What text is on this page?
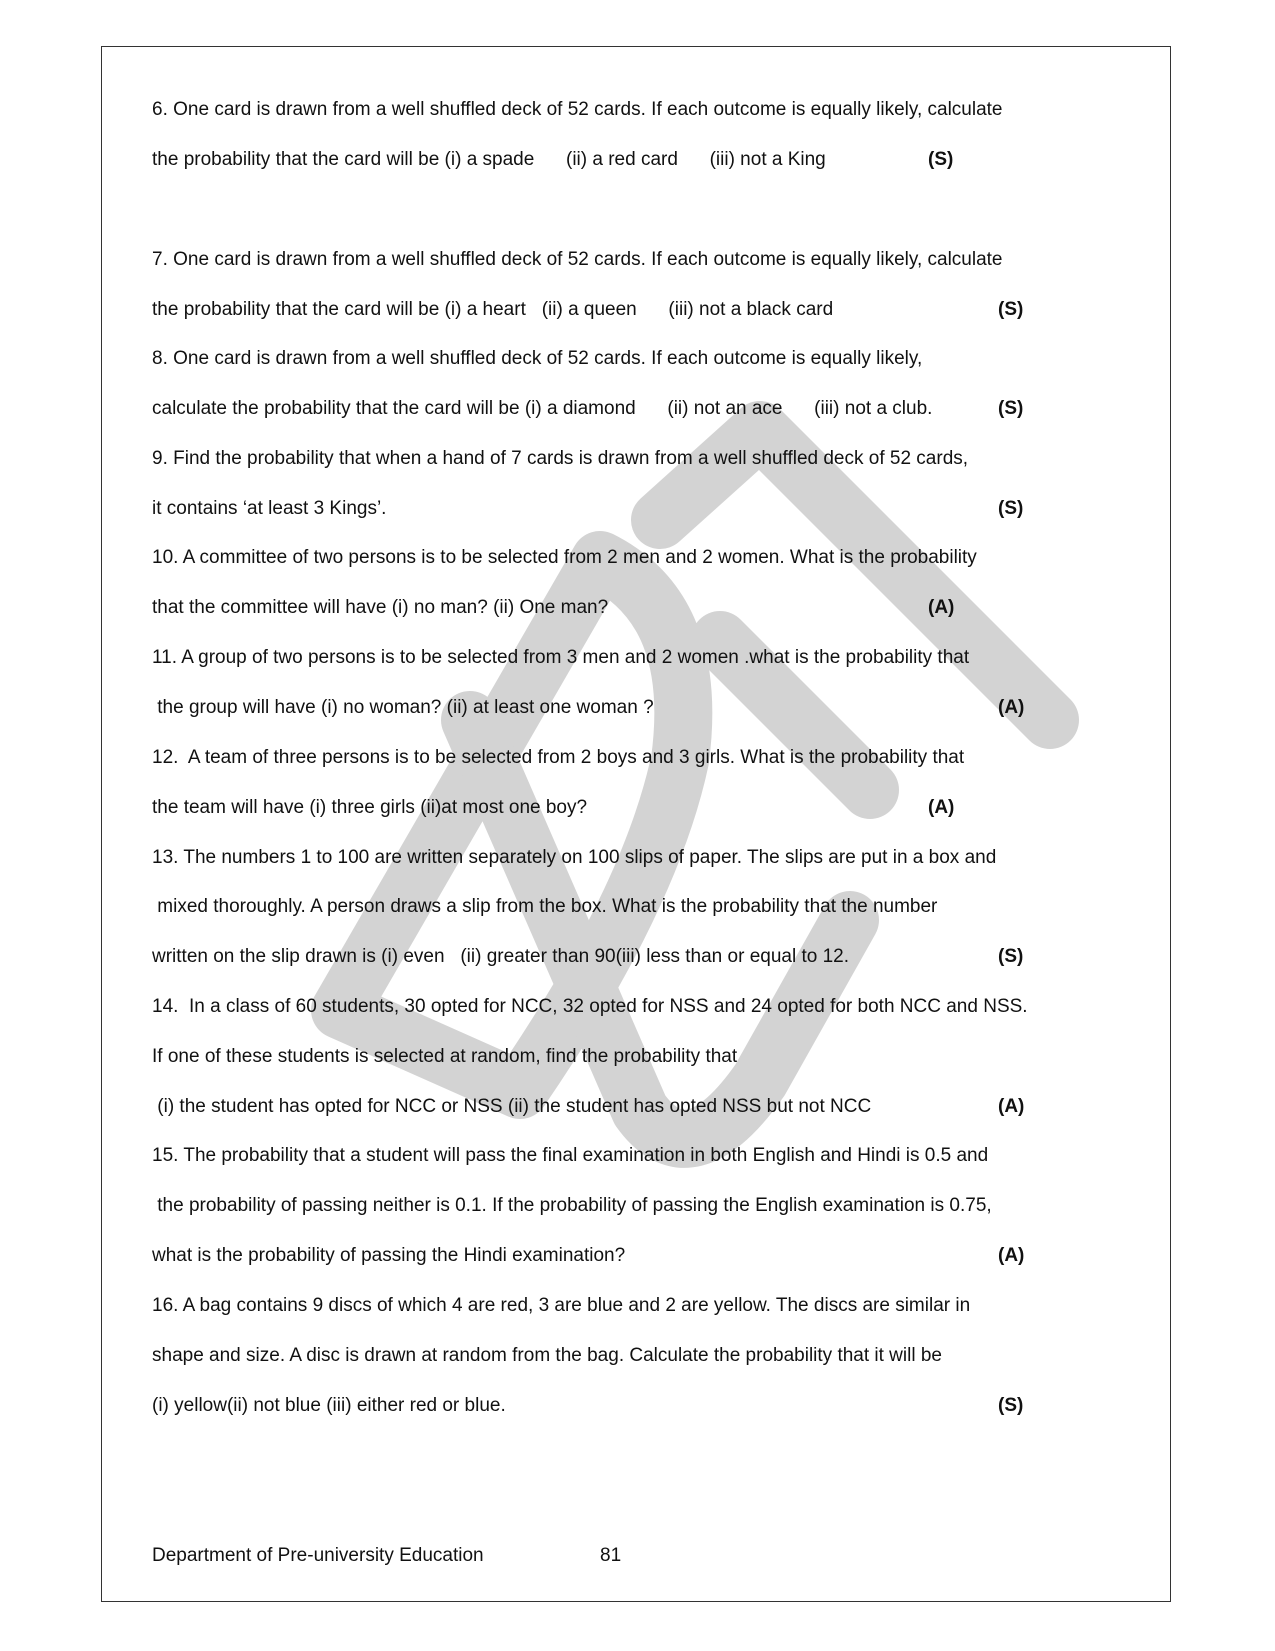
6. One card is drawn from a well shuffled deck of 52 cards. If each outcome is equally likely, calculate
the probability that the card will be (i) a spade      (ii) a red card      (iii) not a King	(S)
7. One card is drawn from a well shuffled deck of 52 cards. If each outcome is equally likely, calculate
the probability that the card will be (i) a heart   (ii) a queen      (iii) not a black card	(S)
8. One card is drawn from a well shuffled deck of 52 cards. If each outcome is equally likely,
calculate the probability that the card will be (i) a diamond      (ii) not an ace      (iii) not a club.	(S)
9. Find the probability that when a hand of 7 cards is drawn from a well shuffled deck of 52 cards,
it contains ‘at least 3 Kings’.	(S)
10. A committee of two persons is to be selected from 2 men and 2 women. What is the probability
that the committee will have (i) no man? (ii) One man?	(A)
11. A group of two persons is to be selected from 3 men and 2 women .what is the probability that
the group will have (i) no woman? (ii) at least one woman ?	(A)
12.  A team of three persons is to be selected from 2 boys and 3 girls. What is the probability that
the team will have (i) three girls (ii)at most one boy?	(A)
13. The numbers 1 to 100 are written separately on 100 slips of paper. The slips are put in a box and
mixed thoroughly. A person draws a slip from the box. What is the probability that the number
written on the slip drawn is (i) even   (ii) greater than 90(iii) less than or equal to 12.	(S)
14.  In a class of 60 students, 30 opted for NCC, 32 opted for NSS and 24 opted for both NCC and NSS.
If one of these students is selected at random, find the probability that
(i) the student has opted for NCC or NSS (ii) the student has opted NSS but not NCC	(A)
15. The probability that a student will pass the final examination in both English and Hindi is 0.5 and
the probability of passing neither is 0.1. If the probability of passing the English examination is 0.75,
what is the probability of passing the Hindi examination?	(A)
16. A bag contains 9 discs of which 4 are red, 3 are blue and 2 are yellow. The discs are similar in
shape and size. A disc is drawn at random from the bag. Calculate the probability that it will be
(i) yellow(ii) not blue (iii) either red or blue.	(S)
Department of Pre-university Education	81
